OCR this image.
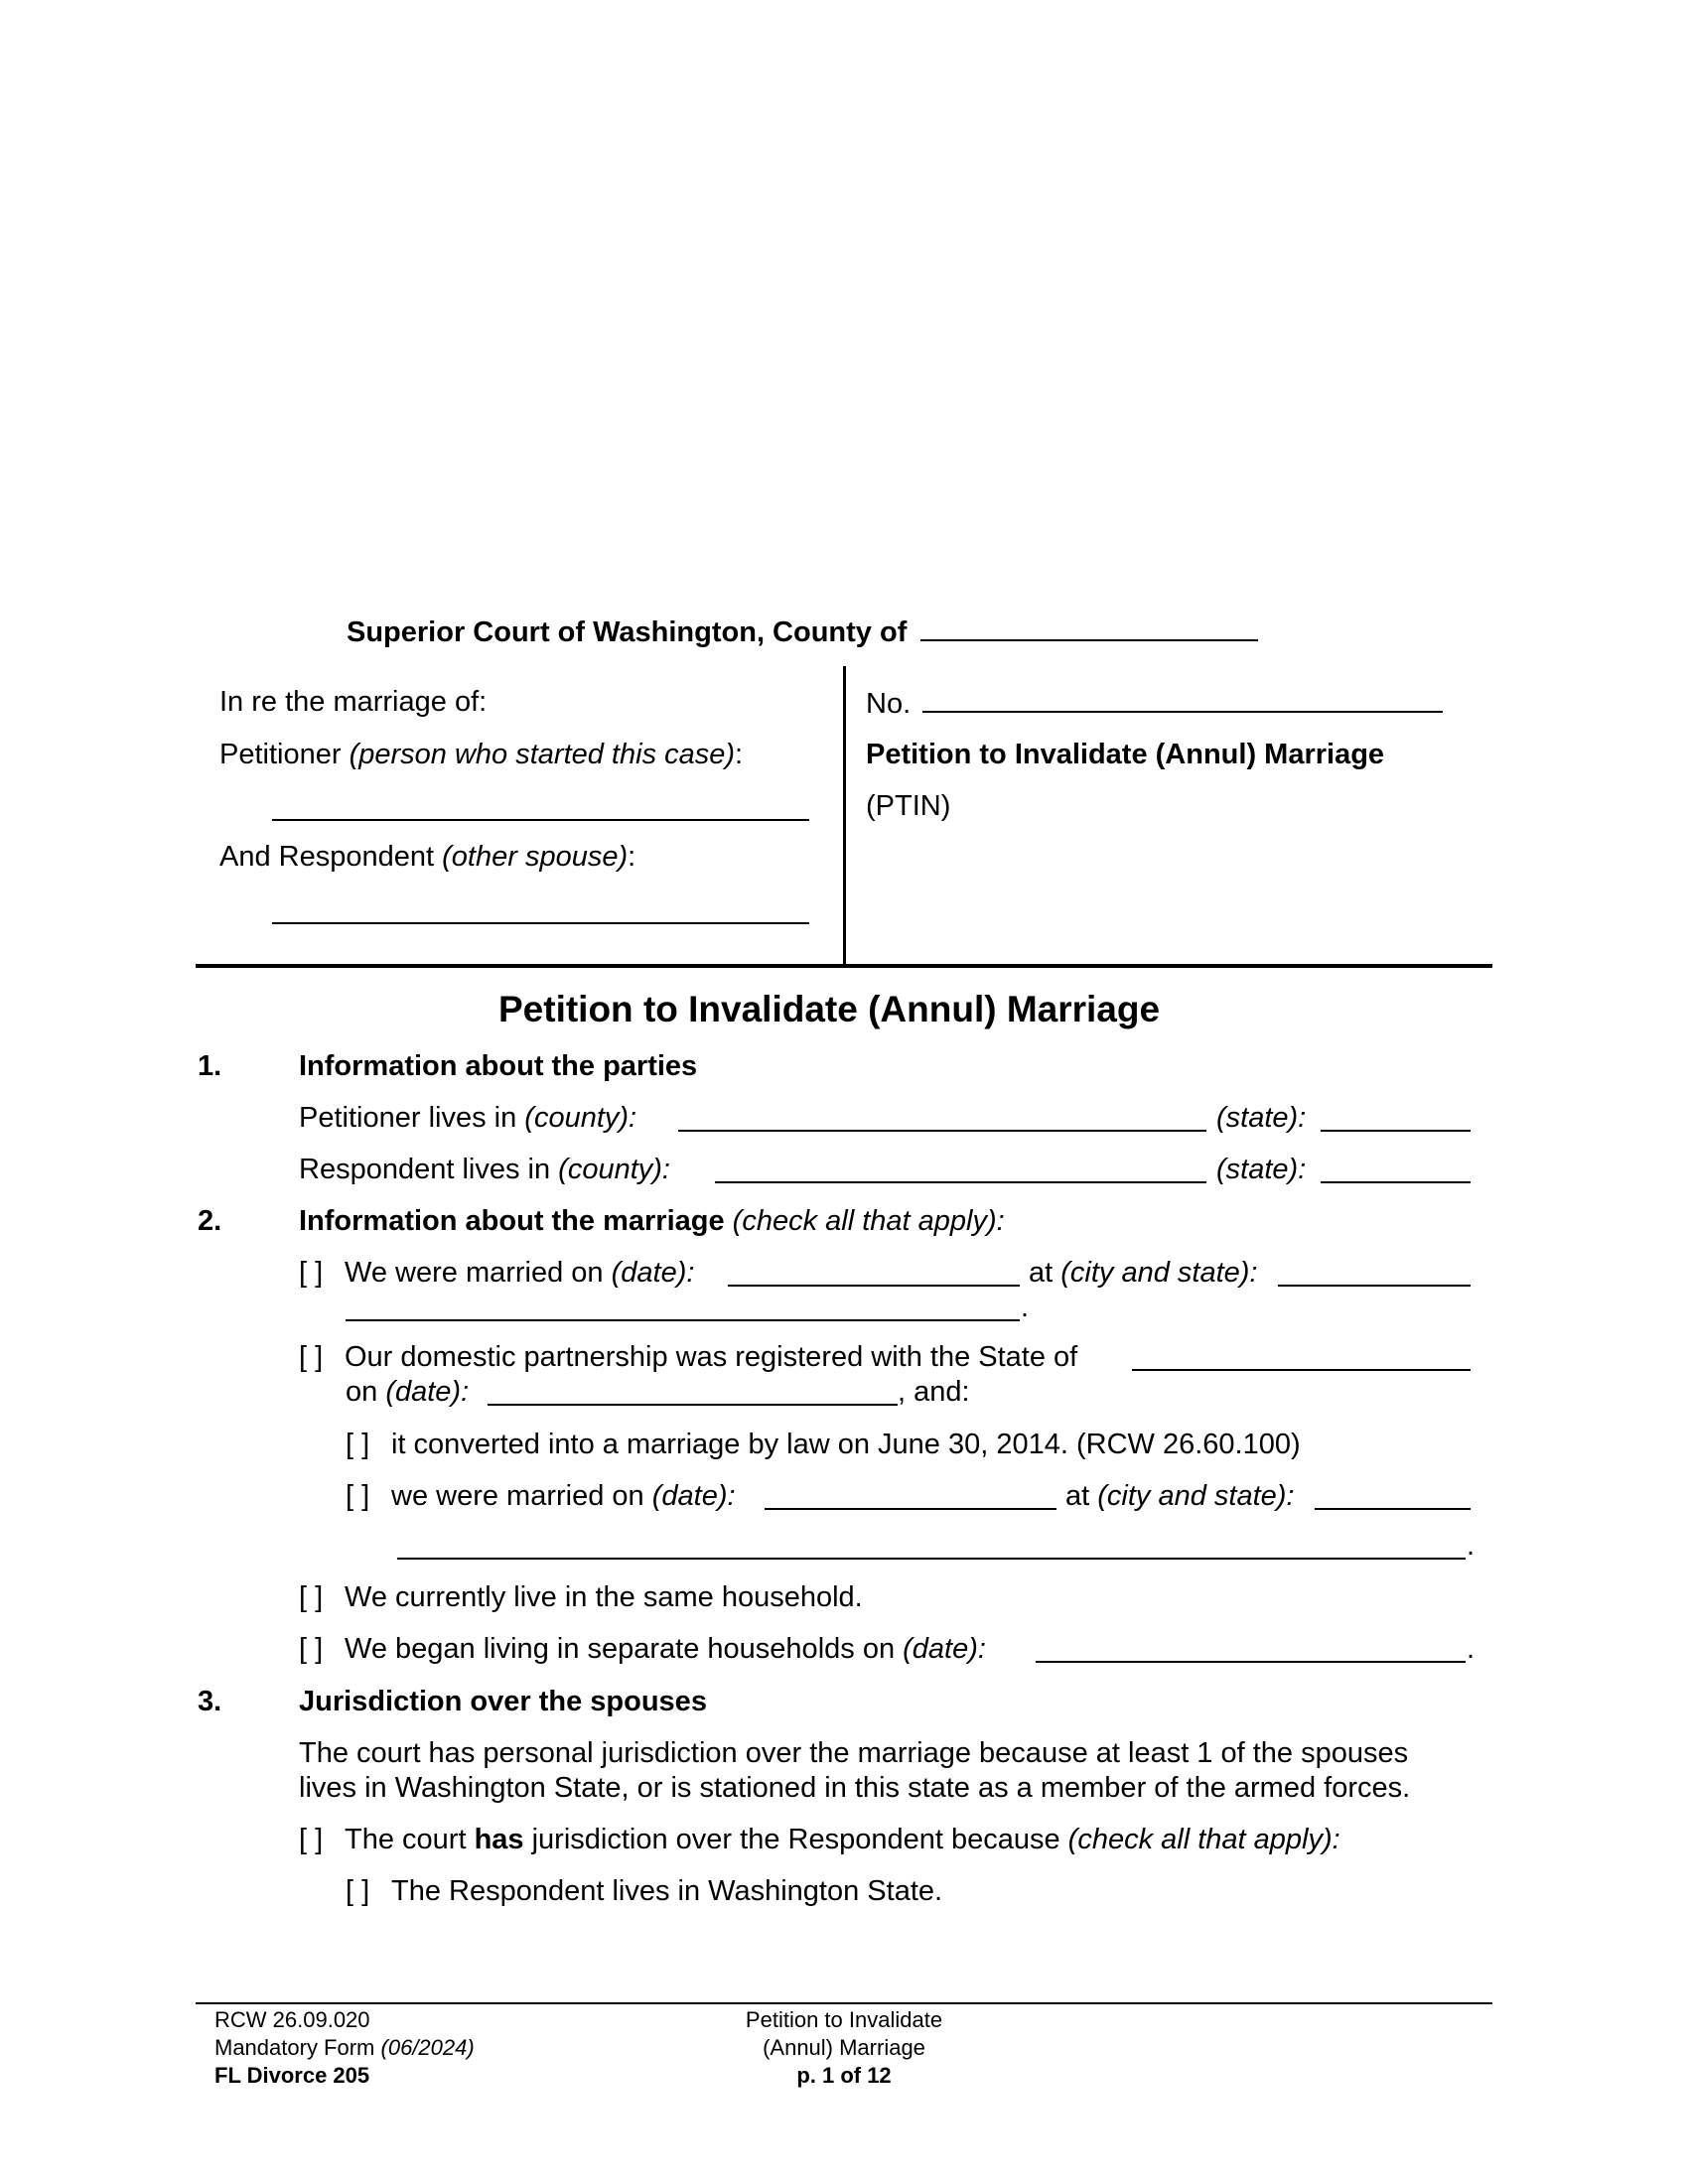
Superior Court of Washington, County of
In re the marriage of:
Petitioner (person who started this case):
And Respondent (other spouse):
No.
Petition to Invalidate (Annul) Marriage
(PTIN)
Petition to Invalidate (Annul) Marriage
1.	Information about the parties
Petitioner lives in (county):	(state):
Respondent lives in (county):	(state):
2.	Information about the marriage (check all that apply):
[ ] We were married on (date):	at (city and state):
.
[ ] Our domestic partnership was registered with the State of
on (date):	, and:
[ ] it converted into a marriage by law on June 30, 2014. (RCW 26.60.100)
[ ] we were married on (date):	at (city and state):
.
[ ] We currently live in the same household.
[ ] We began living in separate households on (date):	.
3.	Jurisdiction over the spouses
The court has personal jurisdiction over the marriage because at least 1 of the spouses
lives in Washington State, or is stationed in this state as a member of the armed forces.
[ ] The court has jurisdiction over the Respondent because (check all that apply):
[ ] The Respondent lives in Washington State.
RCW 26.09.020
Mandatory Form (06/2024)
FL Divorce 205
Petition to Invalidate
(Annul) Marriage
p. 1 of 12
